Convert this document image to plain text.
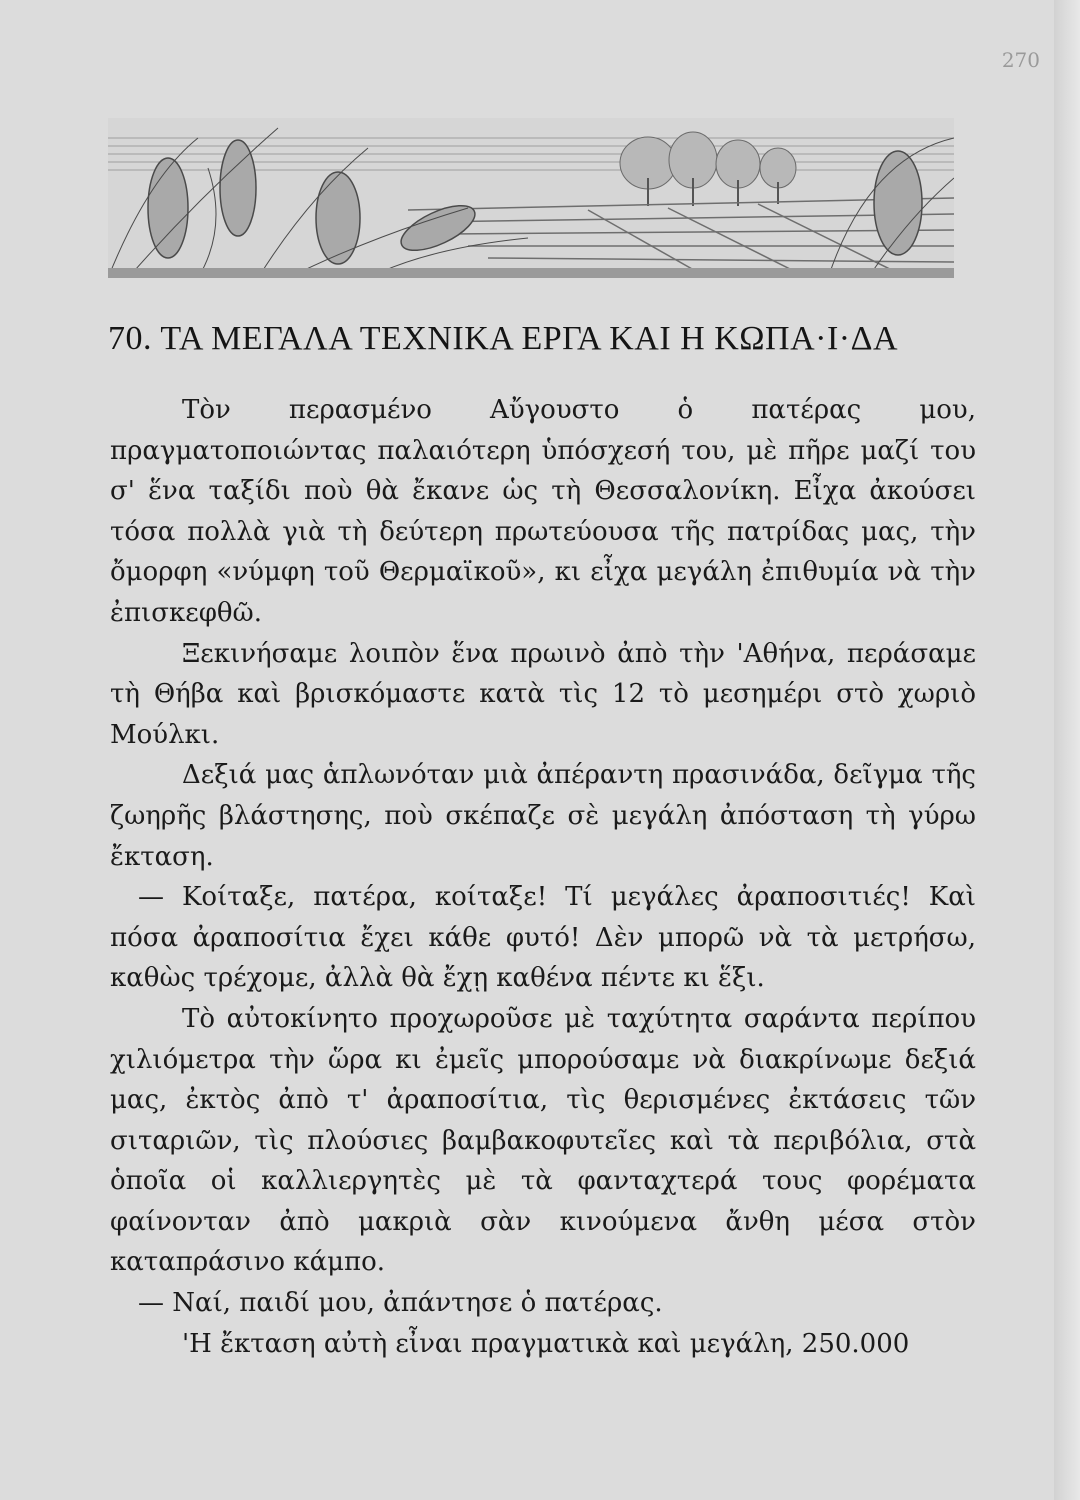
270
70. ΤΑ ΜΕΓΑΛΑ ΤΕΧΝΙΚΑ ΕΡΓΑ ΚΑΙ Η ΚΩΠΑ·Ι·ΔΑ

Τὸν περασμένο Αὔγουστο ὁ πατέρας μου, πραγματοποιώντας παλαιότερη ὑπόσχεσή του, μὲ πῆρε μαζί του σ' ἕνα ταξίδι ποὺ θὰ ἔκανε ὡς τὴ Θεσσαλονίκη. Εἶχα ἀκούσει τόσα πολλὰ γιὰ τὴ δεύτερη πρωτεύουσα τῆς πατρίδας μας, τὴν ὄμορφη «νύμφη τοῦ Θερμαϊκοῦ», κι εἶχα μεγάλη ἐπιθυμία νὰ τὴν ἐπισκεφθῶ.

Ξεκινήσαμε λοιπὸν ἕνα πρωινὸ ἀπὸ τὴν 'Αθήνα, περάσαμε τὴ Θήβα καὶ βρισκόμαστε κατὰ τὶς 12 τὸ μεσημέρι στὸ χωριὸ Μούλκι.

Δεξιά μας ἁπλωνόταν μιὰ ἀπέραντη πρασινάδα, δεῖγμα τῆς ζωηρῆς βλάστησης, ποὺ σκέπαζε σὲ μεγάλη ἀπόσταση τὴ γύρω ἔκταση.

— Κοίταξε, πατέρα, κοίταξε! Τί μεγάλες ἀραποσιτιές! Καὶ πόσα ἀραποσίτια ἔχει κάθε φυτό! Δὲν μπορῶ νὰ τὰ μετρήσω, καθὼς τρέχομε, ἀλλὰ θὰ ἔχῃ καθένα πέντε κι ἕξι.

Τὸ αὐτοκίνητο προχωροῦσε μὲ ταχύτητα σαράντα περίπου χιλιόμετρα τὴν ὥρα κι ἐμεῖς μπορούσαμε νὰ διακρίνωμε δεξιά μας, ἐκτὸς ἀπὸ τ' ἀραποσίτια, τὶς θερισμένες ἐκτάσεις τῶν σιταριῶν, τὶς πλούσιες βαμβακοφυτεῖες καὶ τὰ περιβόλια, στὰ ὁποῖα οἱ καλλιεργητὲς μὲ τὰ φανταχτερά τους φορέματα φαίνονταν ἀπὸ μακριὰ σὰν κινούμενα ἄνθη μέσα στὸν καταπράσινο κάμπο.

— Ναί, παιδί μου, ἀπάντησε ὁ πατέρας.

'Η ἔκταση αὐτὴ εἶναι πραγματικὰ καὶ μεγάλη, 250.000
